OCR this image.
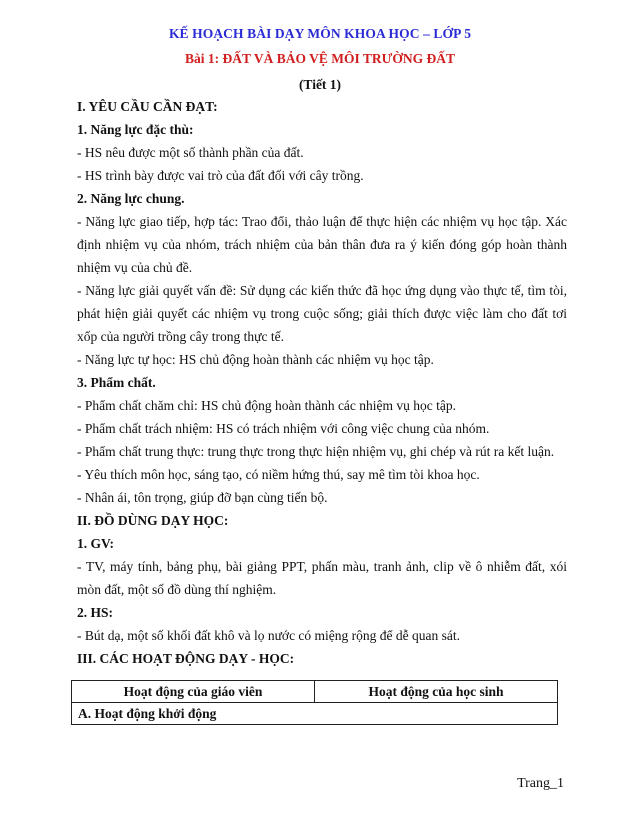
KẾ HOẠCH BÀI DẠY MÔN KHOA HỌC – LỚP 5
Bài 1: ĐẤT VÀ BẢO VỆ MÔI TRƯỜNG ĐẤT
(Tiết 1)
I. YÊU CẦU CẦN ĐẠT:
1. Năng lực đặc thù:
- HS nêu được một số thành phần của đất.
- HS trình bày được vai trò của đất đối với cây trồng.
2. Năng lực chung.
- Năng lực giao tiếp, hợp tác: Trao đổi, thảo luận để thực hiện các nhiệm vụ học tập. Xác
định nhiệm vụ của nhóm, trách nhiệm của bản thân đưa ra ý kiến đóng góp hoàn thành
nhiệm vụ của chủ đề.
- Năng lực giải quyết vấn đề: Sử dụng các kiến thức đã học ứng dụng vào thực tế, tìm tòi,
phát hiện giải quyết các nhiệm vụ trong cuộc sống; giải thích được việc làm cho đất tơi
xốp của người trồng cây trong thực tế.
- Năng lực tự học: HS chủ động hoàn thành các nhiệm vụ học tập.
3. Phẩm chất.
- Phẩm chất chăm chỉ: HS chủ động hoàn thành các nhiệm vụ học tập.
- Phẩm chất trách nhiệm: HS có trách nhiệm với công việc chung của nhóm.
- Phẩm chất trung thực: trung thực trong thực hiện nhiệm vụ, ghi chép và rút ra kết luận.
- Yêu thích môn học, sáng tạo, có niềm hứng thú, say mê tìm tòi khoa học.
- Nhân ái, tôn trọng, giúp đỡ bạn cùng tiến bộ.
II. ĐỒ DÙNG DẠY HỌC:
1. GV:
- TV, máy tính, bảng phụ, bài giảng PPT, phấn màu, tranh ảnh, clip về ô nhiễm đất, xói
mòn đất, một số đồ dùng thí nghiệm.
2. HS:
- Bút dạ, một số khối đất khô và lọ nước có miệng rộng để dễ quan sát.
III. CÁC HOẠT ĐỘNG DẠY - HỌC:
Hoạt động của giáo viên	Hoạt động của học sinh
A. Hoạt động khởi động
Trang_1
